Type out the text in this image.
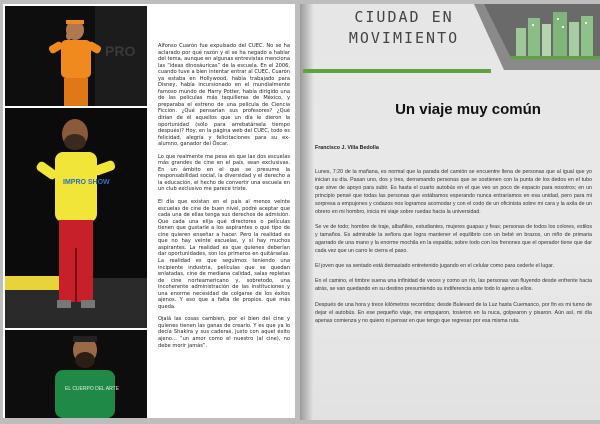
PRO
IMPRO SHOW
EL CUERPO DEL ARTE

Alfonso Cuarón fue expulsado del CUEC. No se ha aclarado por qué razón y él se ha negado a hablar del tema, aunque en algunas entrevistas menciona las “ideas dinosáuricas” de la escuela. En el 2006, cuando tuve a bien intentar entrar al CUEC, Cuarón ya estaba en Hollywood, había trabajado para Disney, había incursionado en el mundialmente famoso mundo de Harry Potter, había dirigido una de las películas más taquilleras de México, y preparaba el estreno de una película de Ciencia Ficción. ¿Qué pensarían sus profesores? ¿Qué dirían de él aquellos que un día le dieron la oportunidad (sólo para arrebatársela tiempo después)? Hoy, en la página web del CUEC, todo es felicidad, alegría y felicitaciones para su ex-alumno, ganador del Óscar.

Lo que realmente me pesa es que las dos escuelas más grandes de cine en el país, sean exclusivas. En un ámbito en el que se presume la responsabilidad social, la diversidad y el derecho a la educación, el hecho de convertir una escuela en un club exclusivo me parece triste.

El día que existan en el país al menos veinte escuelas de cine de buen nivel, podré aceptar que cada una de ellas tenga sus derechos de admisión. Que cada una elija qué directores o películas tienen que gustarle a los aspirantes o qué tipo de cine quieren enseñar a hacer. Pero la realidad es que no hay veinte escuelas, y sí hay muchos aspirantes. La realidad es que quienes deberían dar oportunidades, son los primeros en quitárselas. La realidad es que seguimos teniendo una incipiente industria, películas que se quedan enlatadas, cine de mediana calidad, salas repletas de cine norteamericano y, sobretodo, una incoherente administración de las instituciones y una enorme necesidad de colgarse de los éxitos ajenos. Y eso que a falta de propios, qué más queda.

Ojalá las cosas cambien, por el bien del cine y quienes tienen las ganas de crearlo. Y es que ya lo decía Shakira y sus caderas, justo con aquel éxito ajeno... “un amor como el nuestro (al cine), no debe morir jamás”.

CIUDAD EN MOVIMIENTO
Un viaje muy común
Francisco J. Villa Bedolla

Lunes, 7:20 de la mañana, es normal que la parada del camión se encuentre llena de personas que al igual que yo inician su día. Pasan uno, dos y tres, derramando personas que se sostienen con la punta de los dedos en el tubo que sirve de apoyo para subir. Es hasta el cuarto autobús en el que veo un poco de espacio para nosotros; en un principio pensé que todas las personas que estábamos esperando nunca entraríamos en esa unidad, pero para mi sorpresa a empujones y codazos nos logramos acomodar y con el codo de un oficinista sobre mi cara y la axila de un obrero en mi hombro, inicia mi viaje sobre ruedas hacia la universidad.

Se ve de todo; hombre de traje, albañiles, estudiantes, mujeres guapas y feas; personas de todos los colores, estilos y tamaños. Es admirable la señora que logra mantener el equilibrio con un bebé en brazos, un niño de primaria agarrado de una mano y la enorme mochila en la espalda; sobre todo con los frenones que el operador tiene que dar cada vez que un carro le cierra el paso.

El joven que va sentado está demasiado entretenido jugando en el celular como para cederle el lugar.

En el camino, el timbre suena una infinidad de veces y como un río, las personas van fluyendo desde enfrente hacia atrás, se van quedando en su destino presumiendo su indiferencia ante todo lo ajeno a ellos.

Después de una hora y trece kilómetros recorridos; desde Bulevard de la Luz hasta Cuemanco, por fin es mi turno de dejar el autobús. En ese pequeño viaje, me empujaron, tosieron en la nuca, golpearon y pisaron. Aún así, mi día apenas comienza y no quiero ni pensar en que tengo que regresar por esa misma ruta.
